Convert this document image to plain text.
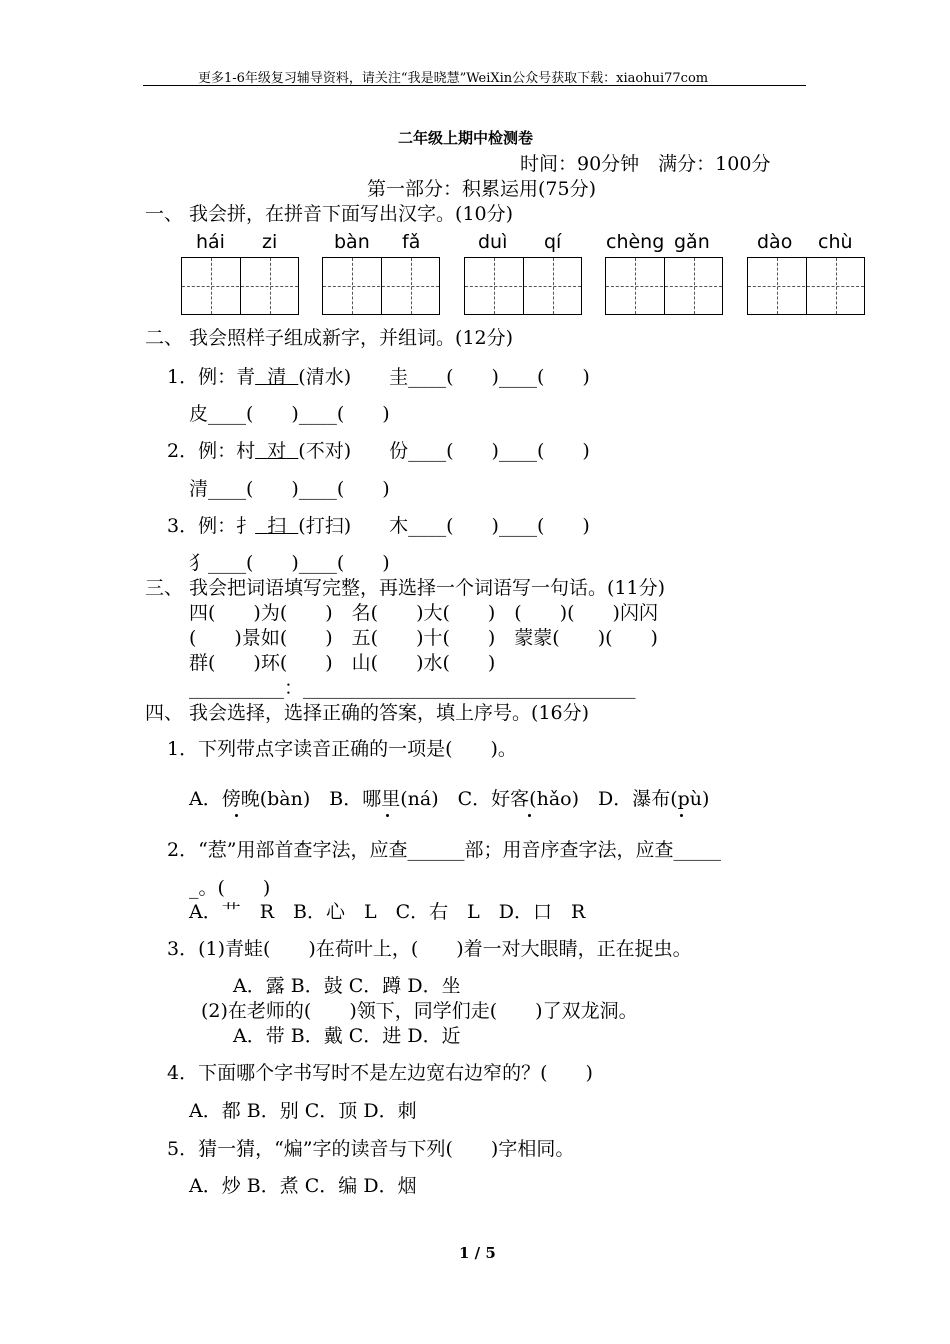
更多1-6年级复习辅导资料，请关注“我是晓慧”WeiXin公众号获取下载：xiaohui77com
二年级上期中检测卷
时间：90分钟　满分：100分
第一部分：积累运用(75分)
一、 我会拼，在拼音下面写出汉字。(10分)
hái zi	bàn fǎ	duì qí chèng gǎn dào chù
二、 我会照样子组成新字，并组词。(12分)
1．例：青 清 (清水)　　圭____(　　)____(　　)
皮____(　　)____(　　)
2．例：村 对 (不对)　　份____(　　)____(　　)
清____(　　)____(　　)
3．例：扌 扫 (打扫)　　木____(　　)____(　　)
犭____(　　)____(　　)
三、 我会把词语填写完整，再选择一个词语写一句话。(11分)
四(　　)为(　　)　名(　　)大(　　)　(　　)(　　)闪闪
(　　)景如(　　)　五(　　)十(　　)　蒙蒙(　　)(　　)
群(　　)环(　　)　山(　　)水(　　)
__________：___________________________________
四、 我会选择，选择正确的答案，填上序号。(16分)
1．下列带点字读音正确的一项是(　　)。
A．傍晚(bàn)　B．哪里(ná)　C．好客(hǎo)　D．瀑布(pù)
2．“惹”用部首查字法，应查______部；用音序查字法，应查_____
_。(　　)
A．艹　R　B．心　L　C．右　L　D．口　R
3．(1)青蛙(　　)在荷叶上，(　　)着一对大眼睛，正在捉虫。
A．露 B．鼓 C．蹲 D．坐
(2)在老师的(　　)领下，同学们走(　　)了双龙洞。
A．带 B．戴 C．进 D．近
4．下面哪个字书写时不是左边宽右边窄的？(　　)
A．都 B．别 C．顶 D．刺
5．猜一猜，“煸”字的读音与下列(　　)字相同。
A．炒 B．煮 C．编 D．烟
1 / 5
